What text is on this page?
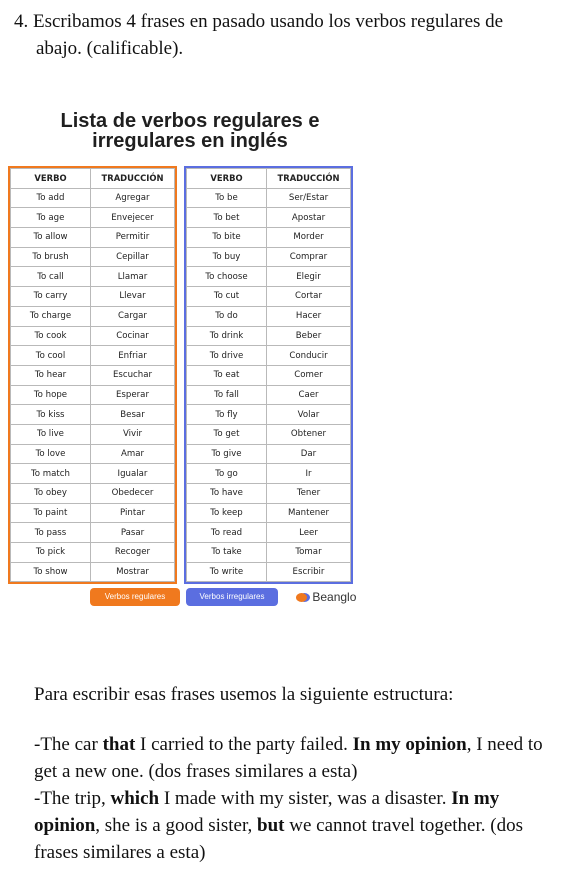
4. Escribamos 4 frases en pasado usando los verbos regulares de
abajo. (calificable).
Lista de verbos regulares e
irregulares en inglés
VERBO	TRADUCCIÓN
To add	Agregar
To age	Envejecer
To allow	Permitir
To brush	Cepillar
To call	Llamar
To carry	Llevar
To charge	Cargar
To cook	Cocinar
To cool	Enfriar
To hear	Escuchar
To hope	Esperar
To kiss	Besar
To live	Vivir
To love	Amar
To match	Igualar
To obey	Obedecer
To paint	Pintar
To pass	Pasar
To pick	Recoger
To show	Mostrar
VERBO	TRADUCCIÓN
To be	Ser/Estar
To bet	Apostar
To bite	Morder
To buy	Comprar
To choose	Elegir
To cut	Cortar
To do	Hacer
To drink	Beber
To drive	Conducir
To eat	Comer
To fall	Caer
To fly	Volar
To get	Obtener
To give	Dar
To go	Ir
To have	Tener
To keep	Mantener
To read	Leer
To take	Tomar
To write	Escribir
Verbos regulares	Verbos irregulares	Beanglo
Para escribir esas frases usemos la siguiente estructura:
-The car that I carried to the party failed. In my opinion, I need to get a new one. (dos frases similares a esta)
-The trip, which I made with my sister, was a disaster. In my opinion, she is a good sister, but we cannot travel together. (dos frases similares a esta)
